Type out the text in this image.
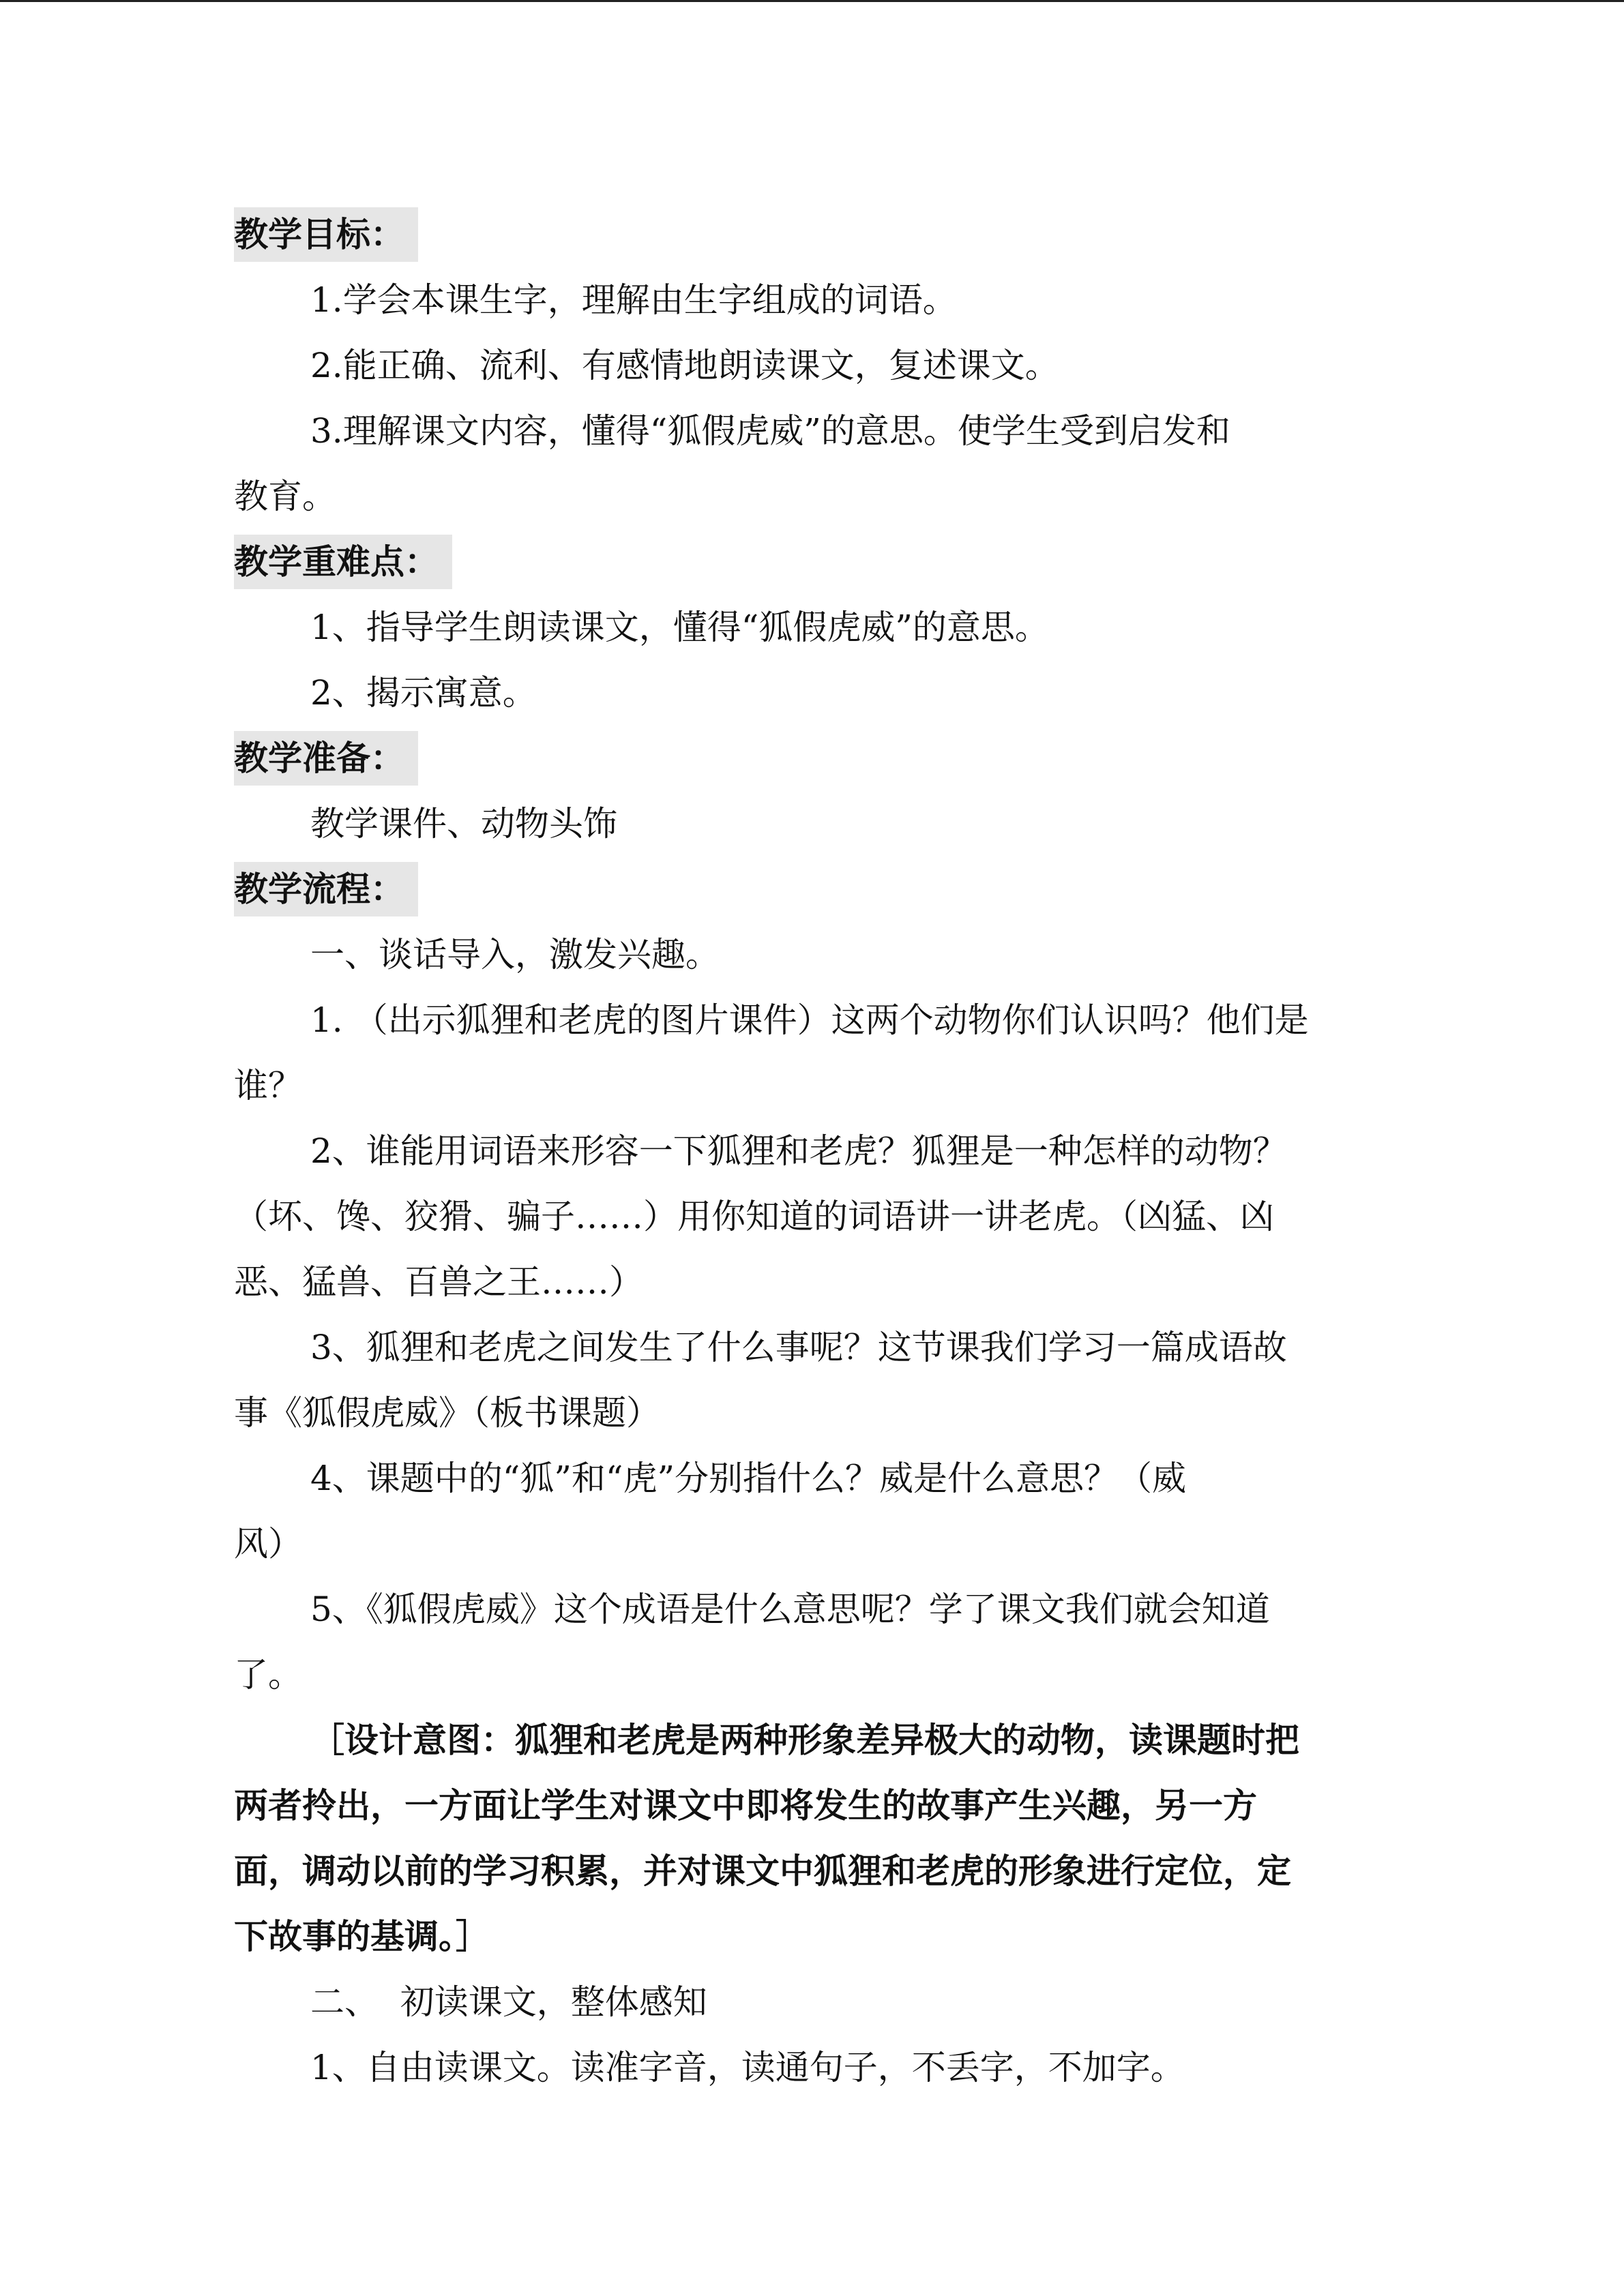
教学目标：

1.学会本课生字，理解由生字组成的词语。

2.能正确、流利、有感情地朗读课文，复述课文。

3.理解课文内容，懂得“狐假虎威”的意思。使学生受到启发和

教育。

教学重难点：

1、指导学生朗读课文，懂得“狐假虎威”的意思。

2、揭示寓意。

教学准备：

教学课件、动物头饰

教学流程：

一、谈话导入，激发兴趣。

1. （出示狐狸和老虎的图片课件）这两个动物你们认识吗？他们是

谁？

2、谁能用词语来形容一下狐狸和老虎？狐狸是一种怎样的动物？

（坏、馋、狡猾、骗子……）用你知道的词语讲一讲老虎。（凶猛、凶

恶、猛兽、百兽之王……）

3、狐狸和老虎之间发生了什么事呢？这节课我们学习一篇成语故

事《狐假虎威》（板书课题）

4、课题中的“狐”和“虎”分别指什么？威是什么意思？（威

风）

5、《狐假虎威》这个成语是什么意思呢？学了课文我们就会知道

了。

［设计意图：狐狸和老虎是两种形象差异极大的动物，读课题时把

两者拎出，一方面让学生对课文中即将发生的故事产生兴趣，另一方

面，调动以前的学习积累，并对课文中狐狸和老虎的形象进行定位，定

下故事的基调。］

二、  初读课文，整体感知

1、自由读课文。读准字音，读通句子，不丢字，不加字。
